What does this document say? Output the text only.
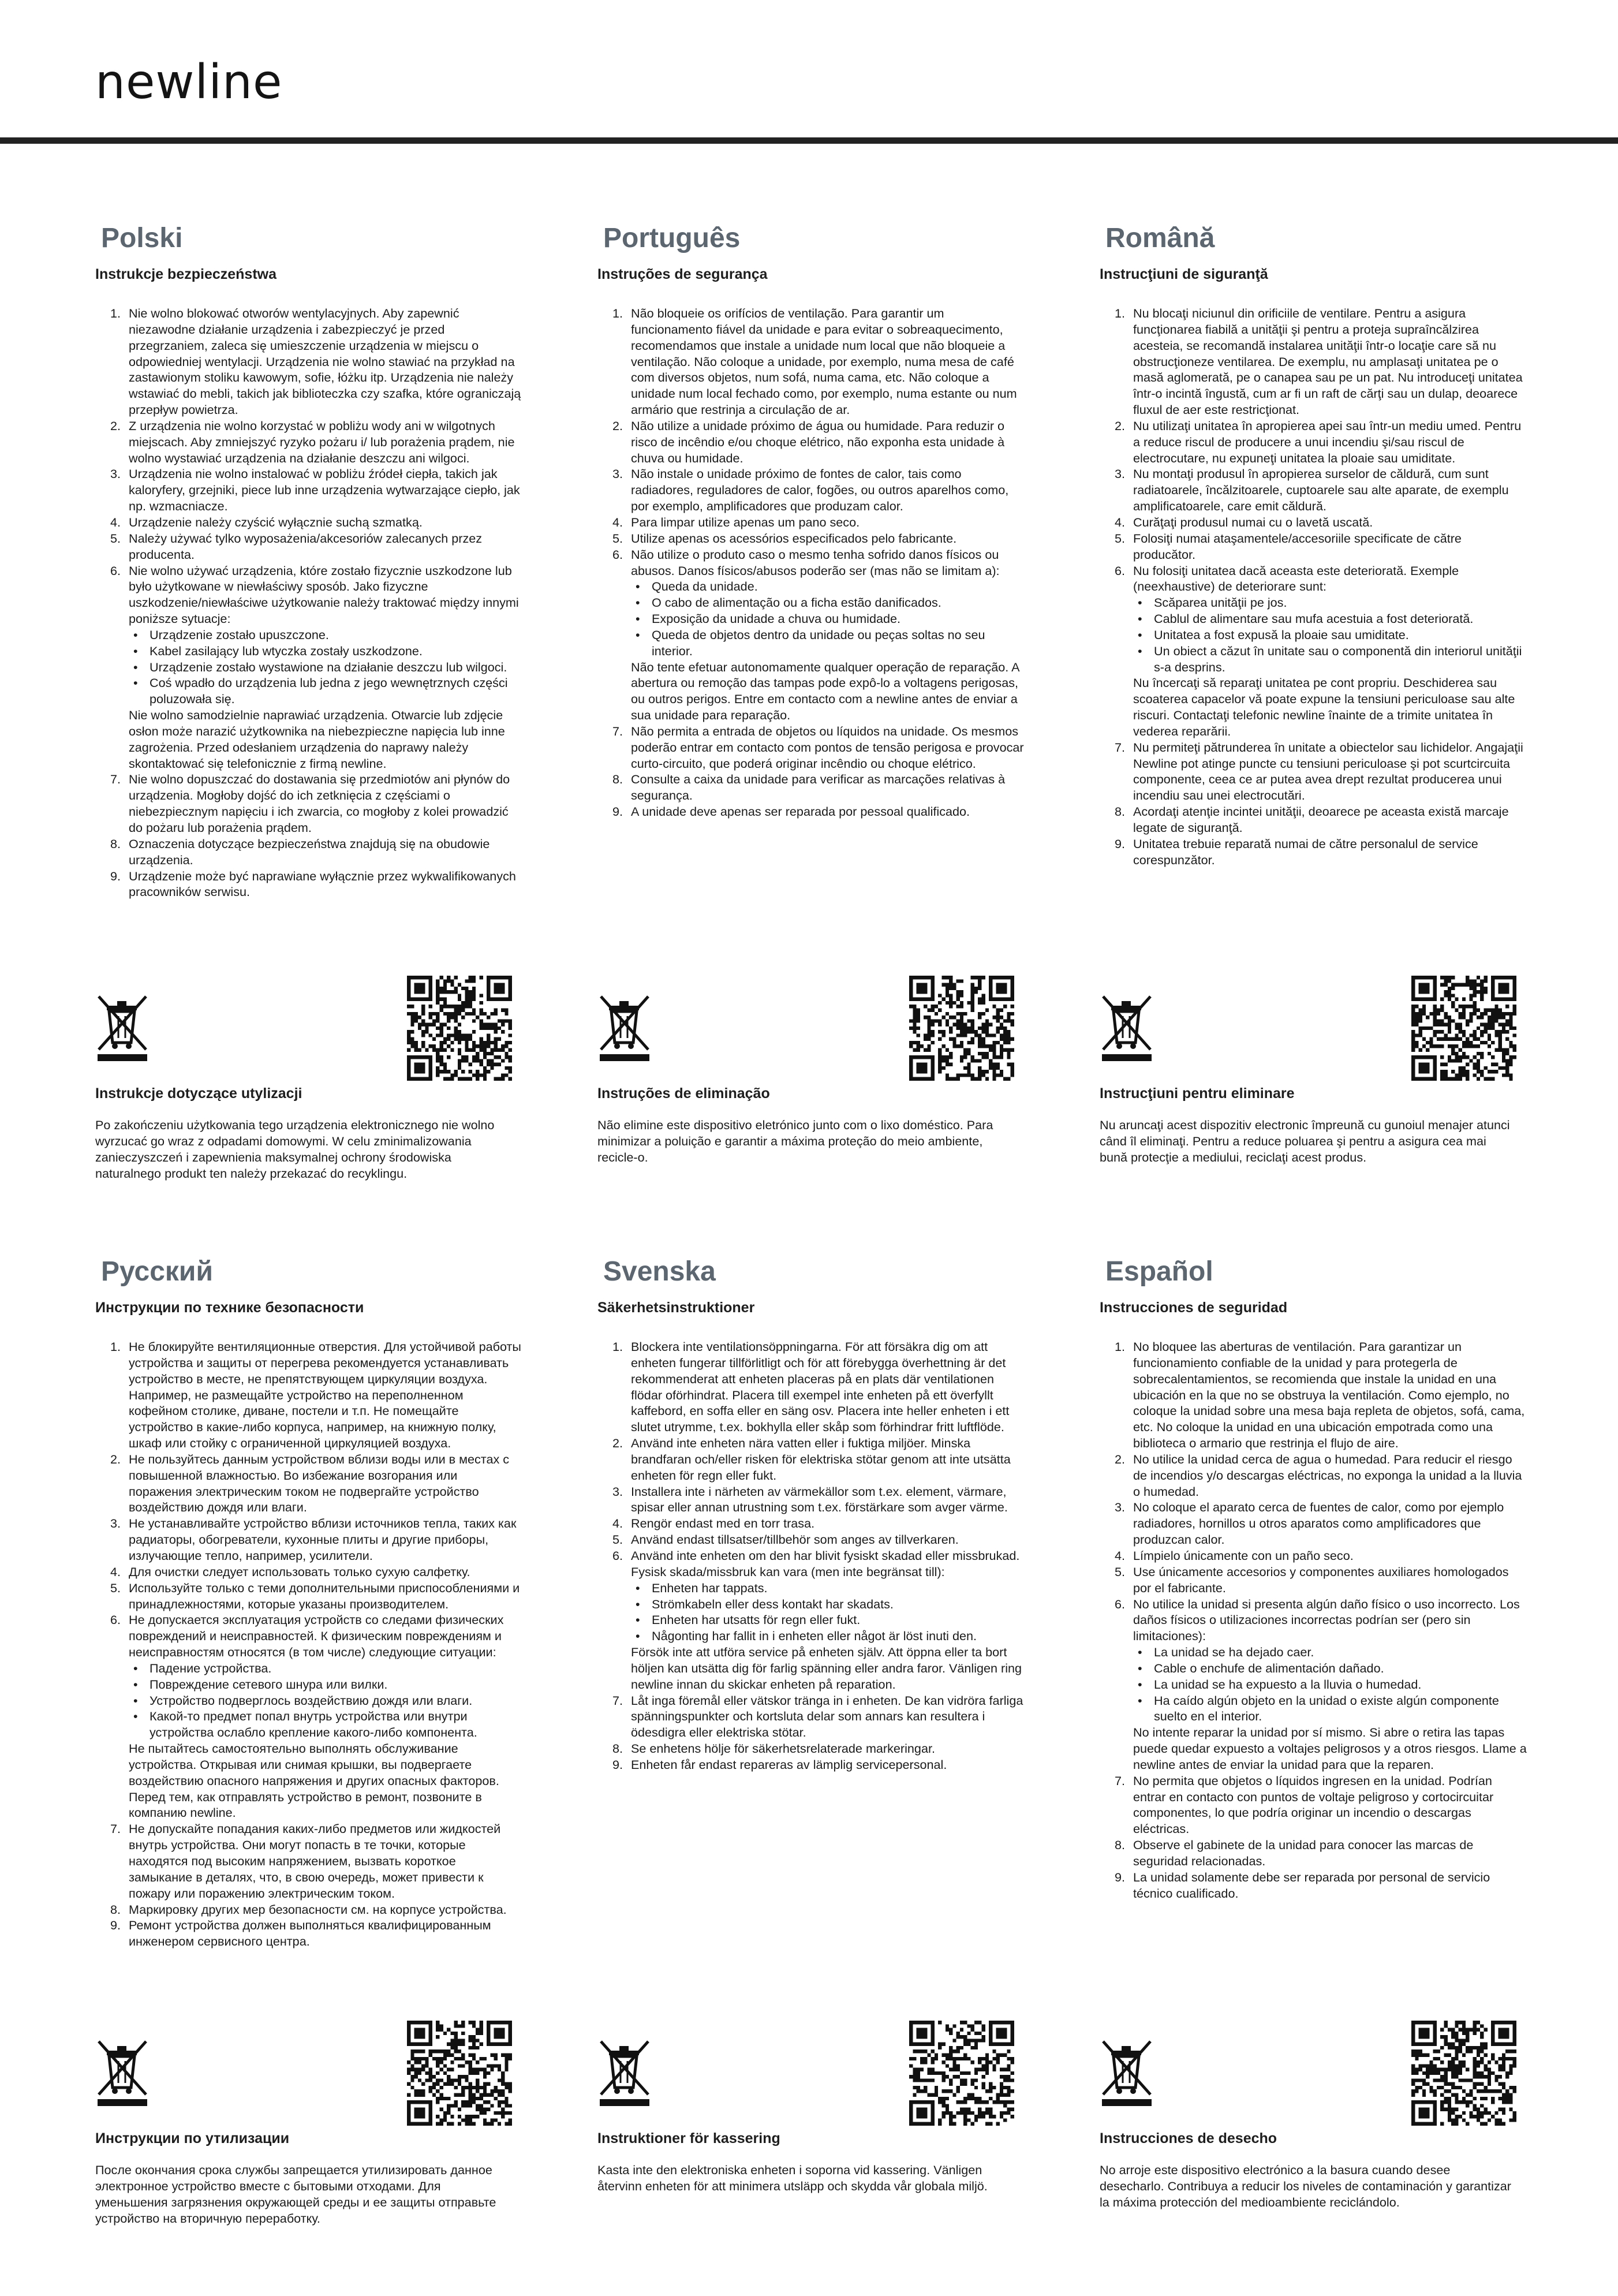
newline
Polski
Instrukcje bezpieczeństwa
1. Nie wolno blokować otworów wentylacyjnych. Aby zapewnić niezawodne działanie urządzenia i zabezpieczyć je przed przegrzaniem, zaleca się umieszczenie urządzenia w miejscu o odpowiedniej wentylacji. Urządzenia nie wolno stawiać na przykład na zastawionym stoliku kawowym, sofie, łóżku itp. Urządzenia nie należy wstawiać do mebli, takich jak biblioteczka czy szafka, które ograniczają przepływ powietrza.
2. Z urządzenia nie wolno korzystać w pobliżu wody ani w wilgotnych miejscach. Aby zmniejszyć ryzyko pożaru i/ lub porażenia prądem, nie wolno wystawiać urządzenia na działanie deszczu ani wilgoci.
3. Urządzenia nie wolno instalować w pobliżu źródeł ciepła, takich jak kaloryfery, grzejniki, piece lub inne urządzenia wytwarzające ciepło, jak np. wzmacniacze.
4. Urządzenie należy czyścić wyłącznie suchą szmatką.
5. Należy używać tylko wyposażenia/akcesoriów zalecanych przez producenta.
6. Nie wolno używać urządzenia, które zostało fizycznie uszkodzone lub było użytkowane w niewłaściwy sposób. Jako fizyczne uszkodzenie/niewłaściwe użytkowanie należy traktować między innymi poniższe sytuacje:
• Urządzenie zostało upuszczone.
• Kabel zasilający lub wtyczka zostały uszkodzone.
• Urządzenie zostało wystawione na działanie deszczu lub wilgoci.
• Coś wpadło do urządzenia lub jedna z jego wewnętrznych części poluzowała się.
Nie wolno samodzielnie naprawiać urządzenia. Otwarcie lub zdjęcie osłon może narazić użytkownika na niebezpieczne napięcia lub inne zagrożenia. Przed odesłaniem urządzenia do naprawy należy skontaktować się telefonicznie z firmą newline.
7. Nie wolno dopuszczać do dostawania się przedmiotów ani płynów do urządzenia. Mogłoby dojść do ich zetknięcia z częściami o niebezpiecznym napięciu i ich zwarcia, co mogłoby z kolei prowadzić do pożaru lub porażenia prądem.
8. Oznaczenia dotyczące bezpieczeństwa znajdują się na obudowie urządzenia.
9. Urządzenie może być naprawiane wyłącznie przez wykwalifikowanych pracowników serwisu.
Instrukcje dotyczące utylizacji
Po zakończeniu użytkowania tego urządzenia elektronicznego nie wolno wyrzucać go wraz z odpadami domowymi. W celu zminimalizowania zanieczyszczeń i zapewnienia maksymalnej ochrony środowiska naturalnego produkt ten należy przekazać do recyklingu.
Português
Instruções de segurança
1. Não bloqueie os orifícios de ventilação. Para garantir um funcionamento fiável da unidade e para evitar o sobreaquecimento, recomendamos que instale a unidade num local que não bloqueie a ventilação. Não coloque a unidade, por exemplo, numa mesa de café com diversos objetos, num sofá, numa cama, etc. Não coloque a unidade num local fechado como, por exemplo, numa estante ou num armário que restrinja a circulação de ar.
2. Não utilize a unidade próximo de água ou humidade. Para reduzir o risco de incêndio e/ou choque elétrico, não exponha esta unidade à chuva ou humidade.
3. Não instale o unidade próximo de fontes de calor, tais como radiadores, reguladores de calor, fogões, ou outros aparelhos como, por exemplo, amplificadores que produzam calor.
4. Para limpar utilize apenas um pano seco.
5. Utilize apenas os acessórios especificados pelo fabricante.
6. Não utilize o produto caso o mesmo tenha sofrido danos físicos ou abusos. Danos físicos/abusos poderão ser (mas não se limitam a):
• Queda da unidade.
• O cabo de alimentação ou a ficha estão danificados.
• Exposição da unidade a chuva ou humidade.
• Queda de objetos dentro da unidade ou peças soltas no seu interior.
Não tente efetuar autonomamente qualquer operação de reparação. A abertura ou remoção das tampas pode expô-lo a voltagens perigosas, ou outros perigos. Entre em contacto com a newline antes de enviar a sua unidade para reparação.
7. Não permita a entrada de objetos ou líquidos na unidade. Os mesmos poderão entrar em contacto com pontos de tensão perigosa e provocar curto-circuito, que poderá originar incêndio ou choque elétrico.
8. Consulte a caixa da unidade para verificar as marcações relativas à segurança.
9. A unidade deve apenas ser reparada por pessoal qualificado.
Instruções de eliminação
Não elimine este dispositivo eletrónico junto com o lixo doméstico. Para minimizar a poluição e garantir a máxima proteção do meio ambiente, recicle-o.
Română
Instrucţiuni de siguranţă
1. Nu blocaţi niciunul din orificiile de ventilare. Pentru a asigura funcţionarea fiabilă a unităţii şi pentru a proteja supraîncălzirea acesteia, se recomandă instalarea unităţii într-o locaţie care să nu obstrucţioneze ventilarea. De exemplu, nu amplasaţi unitatea pe o masă aglomerată, pe o canapea sau pe un pat. Nu introduceţi unitatea într-o incintă îngustă, cum ar fi un raft de cărţi sau un dulap, deoarece fluxul de aer este restricţionat.
2. Nu utilizaţi unitatea în apropierea apei sau într-un mediu umed. Pentru a reduce riscul de producere a unui incendiu şi/sau riscul de electrocutare, nu expuneţi unitatea la ploaie sau umiditate.
3. Nu montaţi produsul în apropierea surselor de căldură, cum sunt radiatoarele, încălzitoarele, cuptoarele sau alte aparate, de exemplu amplificatoarele, care emit căldură.
4. Curăţaţi produsul numai cu o lavetă uscată.
5. Folosiţi numai ataşamentele/accesoriile specificate de către producător.
6. Nu folosiţi unitatea dacă aceasta este deteriorată. Exemple (neexhaustive) de deteriorare sunt:
• Scăparea unităţii pe jos.
• Cablul de alimentare sau mufa acestuia a fost deteriorată.
• Unitatea a fost expusă la ploaie sau umiditate.
• Un obiect a căzut în unitate sau o componentă din interiorul unităţii s-a desprins.
Nu încercaţi să reparaţi unitatea pe cont propriu. Deschiderea sau scoaterea capacelor vă poate expune la tensiuni periculoase sau alte riscuri. Contactaţi telefonic newline înainte de a trimite unitatea în vederea reparării.
7. Nu permiteţi pătrunderea în unitate a obiectelor sau lichidelor. Angajaţii Newline pot atinge puncte cu tensiuni periculoase şi pot scurtcircuita componente, ceea ce ar putea avea drept rezultat producerea unui incendiu sau unei electrocutări.
8. Acordaţi atenţie incintei unităţii, deoarece pe aceasta există marcaje legate de siguranţă.
9. Unitatea trebuie reparată numai de către personalul de service corespunzător.
Instrucţiuni pentru eliminare
Nu aruncaţi acest dispozitiv electronic împreună cu gunoiul menajer atunci când îl eliminaţi. Pentru a reduce poluarea şi pentru a asigura cea mai bună protecţie a mediului, reciclaţi acest produs.
Русский
Инструкции по технике безопасности
1. Не блокируйте вентиляционные отверстия. Для устойчивой работы устройства и защиты от перегрева рекомендуется устанавливать устройство в месте, не препятствующем циркуляции воздуха. Например, не размещайте устройство на переполненном кофейном столике, диване, постели и т.п. Не помещайте устройство в какие-либо корпуса, например, на книжную полку, шкаф или стойку с ограниченной циркуляцией воздуха.
2. Не пользуйтесь данным устройством вблизи воды или в местах с повышенной влажностью. Во избежание возгорания или поражения электрическим током не подвергайте устройство воздействию дождя или влаги.
3. Не устанавливайте устройство вблизи источников тепла, таких как радиаторы, обогреватели, кухонные плиты и другие приборы, излучающие тепло, например, усилители.
4. Для очистки следует использовать только сухую салфетку.
5. Используйте только с теми дополнительными приспособлениями и принадлежностями, которые указаны производителем.
6. Не допускается эксплуатация устройств со следами физических повреждений и неисправностей. К физическим повреждениям и неисправностям относятся (в том числе) следующие ситуации:
• Падение устройства.
• Повреждение сетевого шнура или вилки.
• Устройство подверглось воздействию дождя или влаги.
• Какой-то предмет попал внутрь устройства или внутри устройства ослабло крепление какого-либо компонента.
Не пытайтесь самостоятельно выполнять обслуживание устройства. Открывая или снимая крышки, вы подвергаете воздействию опасного напряжения и других опасных факторов. Перед тем, как отправлять устройство в ремонт, позвоните в компанию newline.
7. Не допускайте попадания каких-либо предметов или жидкостей внутрь устройства. Они могут попасть в те точки, которые находятся под высоким напряжением, вызвать короткое замыкание в деталях, что, в свою очередь, может привести к пожару или поражению электрическим током.
8. Маркировку других мер безопасности см. на корпусе устройства.
9. Ремонт устройства должен выполняться квалифицированным инженером сервисного центра.
Инструкции по утилизации
После окончания срока службы запрещается утилизировать данное электронное устройство вместе с бытовыми отходами. Для уменьшения загрязнения окружающей среды и ее защиты отправьте устройство на вторичную переработку.
Svenska
Säkerhetsinstruktioner
1. Blockera inte ventilationsöppningarna. För att försäkra dig om att enheten fungerar tillförlitligt och för att förebygga överhettning är det rekommenderat att enheten placeras på en plats där ventilationen flödar oförhindrat. Placera till exempel inte enheten på ett överfyllt kaffebord, en soffa eller en säng osv. Placera inte heller enheten i ett slutet utrymme, t.ex. bokhylla eller skåp som förhindrar fritt luftflöde.
2. Använd inte enheten nära vatten eller i fuktiga miljöer. Minska brandfaran och/eller risken för elektriska stötar genom att inte utsätta enheten för regn eller fukt.
3. Installera inte i närheten av värmekällor som t.ex. element, värmare, spisar eller annan utrustning som t.ex. förstärkare som avger värme.
4. Rengör endast med en torr trasa.
5. Använd endast tillsatser/tillbehör som anges av tillverkaren.
6. Använd inte enheten om den har blivit fysiskt skadad eller missbrukad. Fysisk skada/missbruk kan vara (men inte begränsat till):
• Enheten har tappats.
• Strömkabeln eller dess kontakt har skadats.
• Enheten har utsatts för regn eller fukt.
• Någonting har fallit in i enheten eller något är löst inuti den.
Försök inte att utföra service på enheten själv. Att öppna eller ta bort höljen kan utsätta dig för farlig spänning eller andra faror. Vänligen ring newline innan du skickar enheten på reparation.
7. Låt inga föremål eller vätskor tränga in i enheten. De kan vidröra farliga spänningspunkter och kortsluta delar som annars kan resultera i ödesdigra eller elektriska stötar.
8. Se enhetens hölje för säkerhetsrelaterade markeringar.
9. Enheten får endast repareras av lämplig servicepersonal.
Instruktioner för kassering
Kasta inte den elektroniska enheten i soporna vid kassering. Vänligen återvinn enheten för att minimera utsläpp och skydda vår globala miljö.
Español
Instrucciones de seguridad
1. No bloquee las aberturas de ventilación. Para garantizar un funcionamiento confiable de la unidad y para protegerla de sobrecalentamientos, se recomienda que instale la unidad en una ubicación en la que no se obstruya la ventilación. Como ejemplo, no coloque la unidad sobre una mesa baja repleta de objetos, sofá, cama, etc. No coloque la unidad en una ubicación empotrada como una biblioteca o armario que restrinja el flujo de aire.
2. No utilice la unidad cerca de agua o humedad. Para reducir el riesgo de incendios y/o descargas eléctricas, no exponga la unidad a la lluvia o humedad.
3. No coloque el aparato cerca de fuentes de calor, como por ejemplo radiadores, hornillos u otros aparatos como amplificadores que produzcan calor.
4. Límpielo únicamente con un paño seco.
5. Use únicamente accesorios y componentes auxiliares homologados por el fabricante.
6. No utilice la unidad si presenta algún daño físico o uso incorrecto. Los daños físicos o utilizaciones incorrectas podrían ser (pero sin limitaciones):
• La unidad se ha dejado caer.
• Cable o enchufe de alimentación dañado.
• La unidad se ha expuesto a la lluvia o humedad.
• Ha caído algún objeto en la unidad o existe algún componente suelto en el interior.
No intente reparar la unidad por sí mismo. Si abre o retira las tapas puede quedar expuesto a voltajes peligrosos y a otros riesgos. Llame a newline antes de enviar la unidad para que la reparen.
7. No permita que objetos o líquidos ingresen en la unidad. Podrían entrar en contacto con puntos de voltaje peligroso y cortocircuitar componentes, lo que podría originar un incendio o descargas eléctricas.
8. Observe el gabinete de la unidad para conocer las marcas de seguridad relacionadas.
9. La unidad solamente debe ser reparada por personal de servicio técnico cualificado.
Instrucciones de desecho
No arroje este dispositivo electrónico a la basura cuando desee desecharlo. Contribuya a reducir los niveles de contaminación y garantizar la máxima protección del medioambiente reciclándolo.
